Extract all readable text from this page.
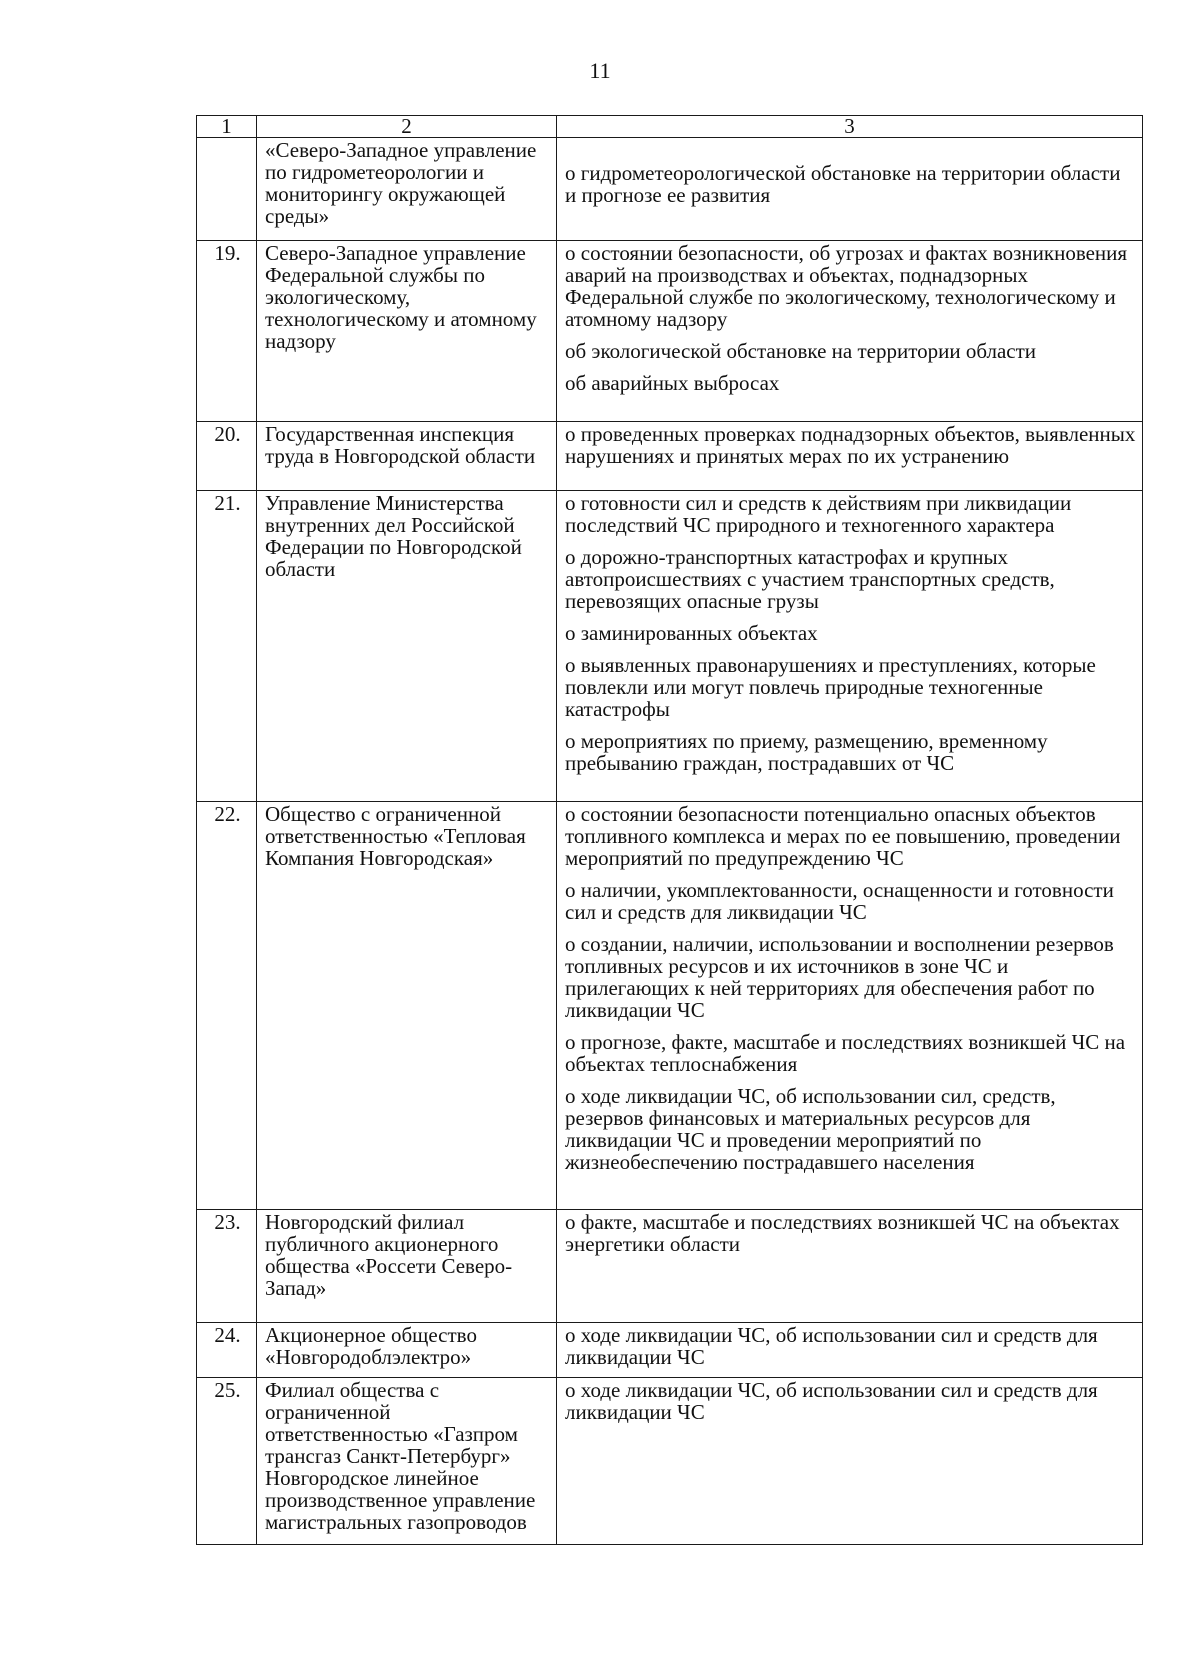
11
1	2	3
	«Северо-Западное управление по гидрометеорологии и мониторингу окружающей среды»	о гидрометеорологической обстановке на территории области и прогнозе ее развития

19.	Северо-Западное управление Федеральной службы по экологическому, технологическому и атомному надзору	о состоянии безопасности, об угрозах и фактах возникновения аварий на производствах и объектах, поднадзорных Федеральной службе по экологическому, технологическому и атомному надзору

об экологической обстановке на территории области

об аварийных выбросах

20.	Государственная инспекция труда в Новгородской области	о проведенных проверках поднадзорных объектов, выявленных нарушениях и принятых мерах по их устранению

21.	Управление Министерства внутренних дел Российской Федерации по Новгородской области	о готовности сил и средств к действиям при ликвидации последствий ЧС природного и техногенного характера

о дорожно-транспортных катастрофах и крупных автопроисшествиях с участием транспортных средств, перевозящих опасные грузы

о заминированных объектах

о выявленных правонарушениях и преступлениях, которые повлекли или могут повлечь природные техногенные катастрофы

о мероприятиях по приему, размещению, временному пребыванию граждан, пострадавших от ЧС

22.	Общество с ограниченной ответственностью «Тепловая Компания Новгородская»	о состоянии безопасности потенциально опасных объектов топливного комплекса и мерах по ее повышению, проведении мероприятий по предупреждению ЧС

о наличии, укомплектованности, оснащенности и готовности сил и средств для ликвидации ЧС

о создании, наличии, использовании и восполнении резервов топливных ресурсов и их источников в зоне ЧС и прилегающих к ней территориях для обеспечения работ по ликвидации ЧС

о прогнозе, факте, масштабе и последствиях возникшей ЧС на объектах теплоснабжения

о ходе ликвидации ЧС, об использовании сил, средств, резервов финансовых и материальных ресурсов для ликвидации ЧС и проведении мероприятий по жизнеобеспечению пострадавшего населения

23.	Новгородский филиал публичного акционерного общества «Россети Северо-Запад»	о факте, масштабе и последствиях возникшей ЧС на объектах энергетики области

24.	Акционерное общество «Новгородоблэлектро»	о ходе ликвидации ЧС, об использовании сил и средств для ликвидации ЧС

25.	Филиал общества с ограниченной ответственностью «Газпром трансгаз Санкт-Петербург» Новгородское линейное производственное управление магистральных газопроводов	о ходе ликвидации ЧС, об использовании сил и средств для ликвидации ЧС
